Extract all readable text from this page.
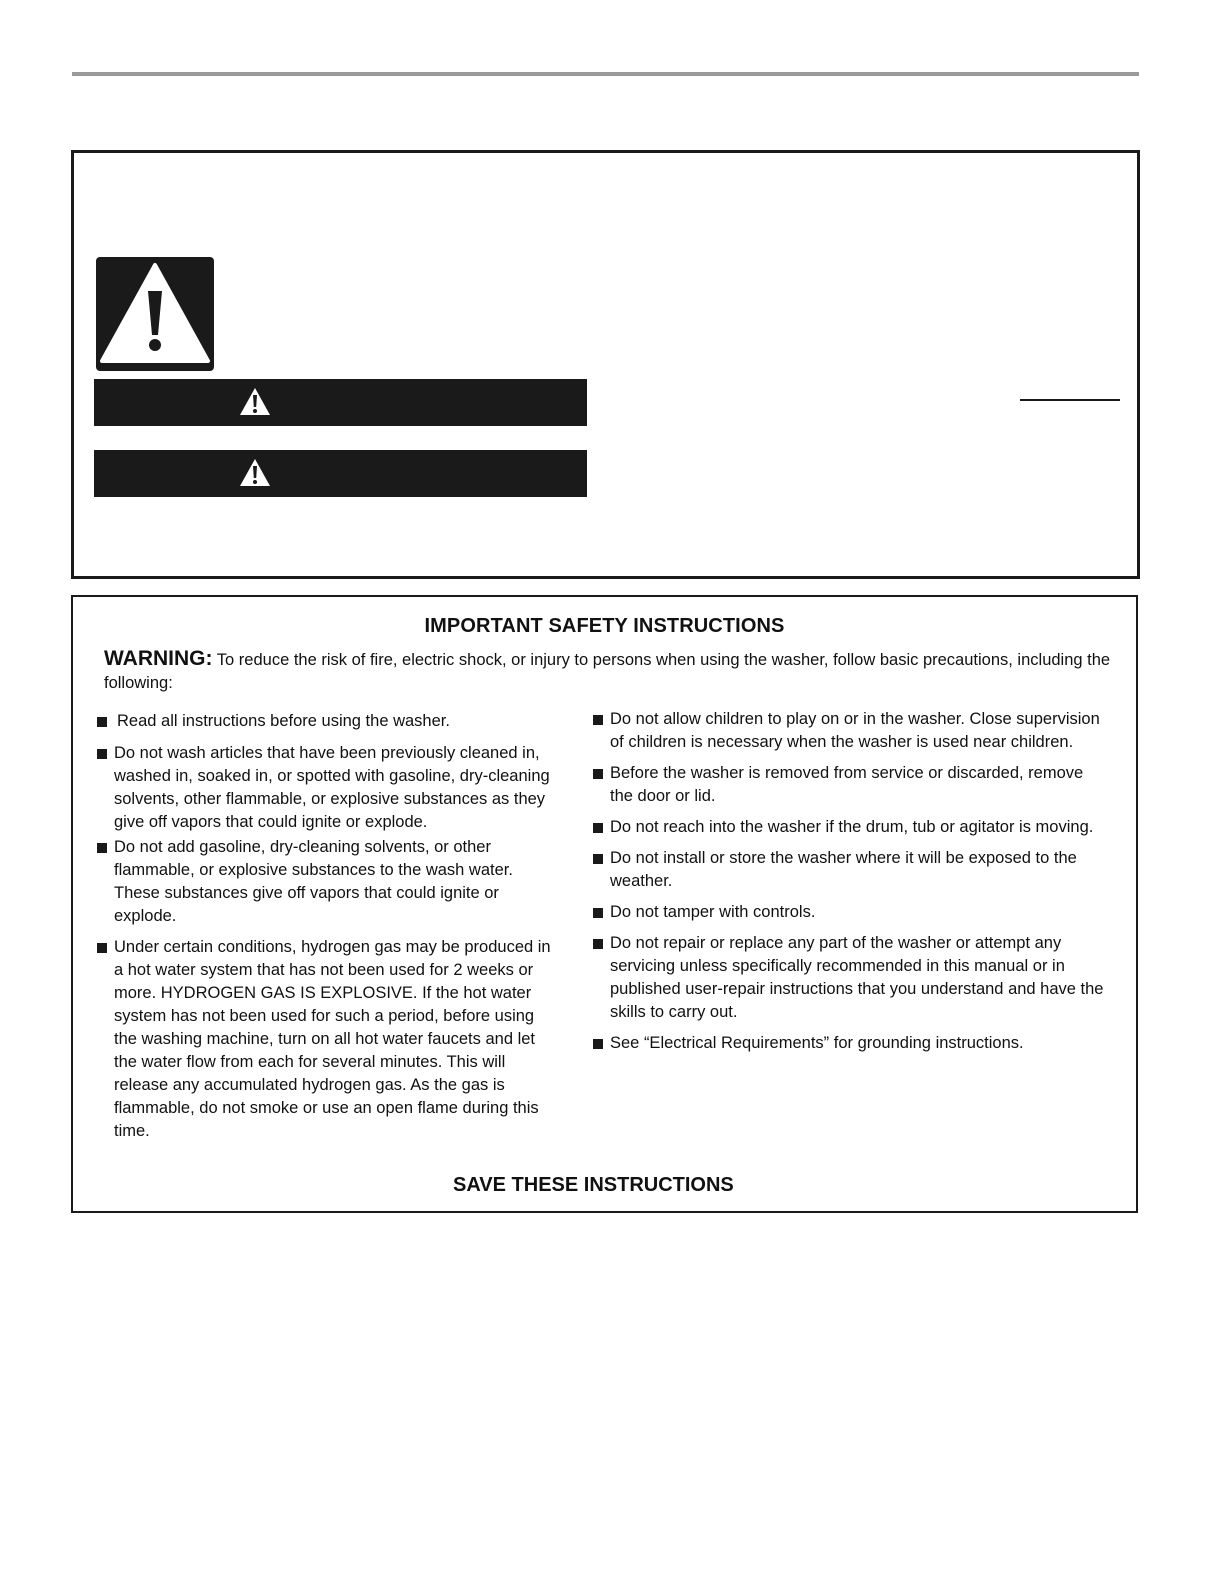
DANGER
WARNING
IMPORTANT SAFETY INSTRUCTIONS
WARNING: To reduce the risk of fire, electric shock, or injury to persons when using the washer, follow basic precautions, including the following:
Read all instructions before using the washer.
Do not wash articles that have been previously cleaned in, washed in, soaked in, or spotted with gasoline, dry-cleaning solvents, other flammable, or explosive substances as they give off vapors that could ignite or explode.
Do not add gasoline, dry-cleaning solvents, or other flammable, or explosive substances to the wash water. These substances give off vapors that could ignite or explode.
Under certain conditions, hydrogen gas may be produced in a hot water system that has not been used for 2 weeks or more. HYDROGEN GAS IS EXPLOSIVE. If the hot water system has not been used for such a period, before using the washing machine, turn on all hot water faucets and let the water flow from each for several minutes. This will release any accumulated hydrogen gas. As the gas is flammable, do not smoke or use an open flame during this time.
Do not allow children to play on or in the washer. Close supervision of children is necessary when the washer is used near children.
Before the washer is removed from service or discarded, remove the door or lid.
Do not reach into the washer if the drum, tub or agitator is moving.
Do not install or store the washer where it will be exposed to the weather.
Do not tamper with controls.
Do not repair or replace any part of the washer or attempt any servicing unless specifically recommended in this manual or in published user-repair instructions that you understand and have the skills to carry out.
See “Electrical Requirements” for grounding instructions.
SAVE THESE INSTRUCTIONS
